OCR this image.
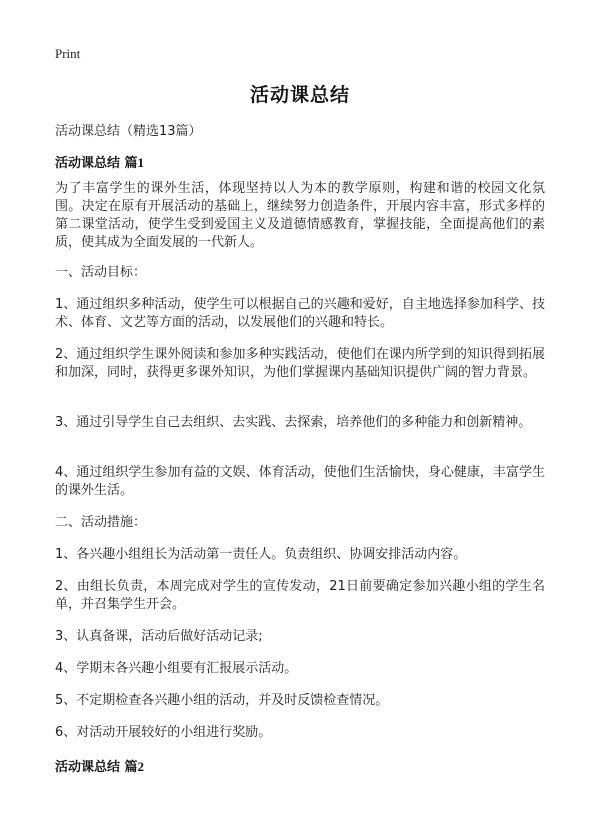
Print
活动课总结
活动课总结（精选13篇）
活动课总结 篇1
为了丰富学生的课外生活，体现坚持以人为本的教学原则，构建和谐的校园文化氛围。决定在原有开展活动的基础上，继续努力创造条件，开展内容丰富，形式多样的第二课堂活动，使学生受到爱国主义及道德情感教育，掌握技能，全面提高他们的素质，使其成为全面发展的一代新人。
一、活动目标：
1、通过组织多种活动，使学生可以根据自己的兴趣和爱好，自主地选择参加科学、技术、体育、文艺等方面的活动，以发展他们的兴趣和特长。
2、通过组织学生课外阅读和参加多种实践活动，使他们在课内所学到的知识得到拓展和加深，同时，获得更多课外知识，为他们掌握课内基础知识提供广阔的智力背景。
3、通过引导学生自己去组织、去实践、去探索，培养他们的多种能力和创新精神。
4、通过组织学生参加有益的文娱、体育活动，使他们生活愉快，身心健康，丰富学生的课外生活。
二、活动措施：
1、各兴趣小组组长为活动第一责任人。负责组织、协调安排活动内容。
2、由组长负责，本周完成对学生的宣传发动，21日前要确定参加兴趣小组的学生名单，并召集学生开会。
3、认真备课，活动后做好活动记录;
4、学期末各兴趣小组要有汇报展示活动。
5、不定期检查各兴趣小组的活动，并及时反馈检查情况。
6、对活动开展较好的小组进行奖励。
活动课总结 篇2
